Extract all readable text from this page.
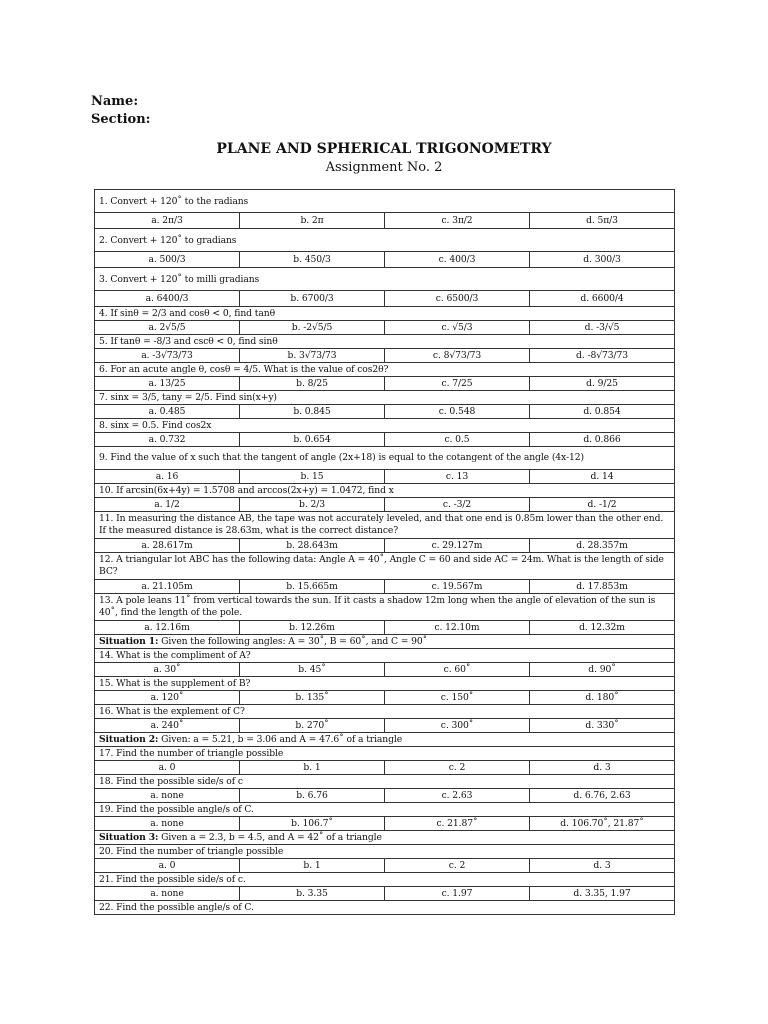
Name:
Section:
PLANE AND SPHERICAL TRIGONOMETRY
Assignment No. 2
1. Convert + 120˚ to the radians			
a. 2π/3	b. 2π	c. 3π/2	d. 5π/3
2. Convert + 120˚ to gradians			
a. 500/3	b. 450/3	c. 400/3	d. 300/3
3. Convert + 120˚ to milli gradians			
a. 6400/3	b. 6700/3	c. 6500/3	d. 6600/4
4. If sinθ = 2/3 and cosθ < 0, find tanθ			
a. 2√5/5	b. -2√5/5	c. √5/3	d. -3/√5
5. If tanθ = -8/3 and cscθ < 0, find sinθ			
a. -3√73/73	b. 3√73/73	c. 8√73/73	d. -8√73/73
6. For an acute angle θ, cosθ = 4/5. What is the value of cos2θ?			
a. 13/25	b. 8/25	c. 7/25	d. 9/25
7. sinx = 3/5, tany = 2/5. Find sin(x+y)			
a. 0.485	b. 0.845	c. 0.548	d. 0.854
8. sinx = 0.5. Find cos2x			
a. 0.732	b. 0.654	c. 0.5	d. 0.866
9. Find the value of x such that the tangent of angle (2x+18) is equal to the cotangent of the angle (4x-12)			
a. 16	b. 15	c. 13	d. 14
10. If arcsin(6x+4y) = 1.5708 and arccos(2x+y) = 1.0472, find x			
a. 1/2	b. 2/3	c. -3/2	d. -1/2
11. In measuring the distance AB, the tape was not accurately leveled, and that one end is 0.85m lower than the other end. If the measured distance is 28.63m, what is the correct distance?			
a. 28.617m	b. 28.643m	c. 29.127m	d. 28.357m
12. A triangular lot ABC has the following data: Angle A = 40˚, Angle C = 60 and side AC = 24m. What is the length of side BC?			
a. 21.105m	b. 15.665m	c. 19.567m	d. 17.853m
13. A pole leans 11˚ from vertical towards the sun. If it casts a shadow 12m long when the angle of elevation of the sun is 40˚, find the length of the pole.			
a. 12.16m	b. 12.26m	c. 12.10m	d. 12.32m
Situation 1: Given the following angles: A = 30˚, B = 60˚, and C = 90˚			
14. What is the compliment of A?			
a. 30˚	b. 45˚	c. 60˚	d. 90˚
15. What is the supplement of B?			
a. 120˚	b. 135˚	c. 150˚	d. 180˚
16. What is the explement of C?			
a. 240˚	b. 270˚	c. 300˚	d. 330˚
Situation 2: Given: a = 5.21, b = 3.06 and A = 47.6˚ of a triangle			
17. Find the number of triangle possible			
a. 0	b. 1	c. 2	d. 3
18. Find the possible side/s of c			
a. none	b. 6.76	c. 2.63	d. 6.76, 2.63
19. Find the possible angle/s of C.			
a. none	b. 106.7˚	c. 21.87˚	d. 106.70˚, 21.87˚
Situation 3: Given a = 2.3, b = 4.5, and A = 42˚ of a triangle			
20. Find the number of triangle possible			
a. 0	b. 1	c. 2	d. 3
21. Find the possible side/s of c.			
a. none	b. 3.35	c. 1.97	d. 3.35, 1.97
22. Find the possible angle/s of C.			
